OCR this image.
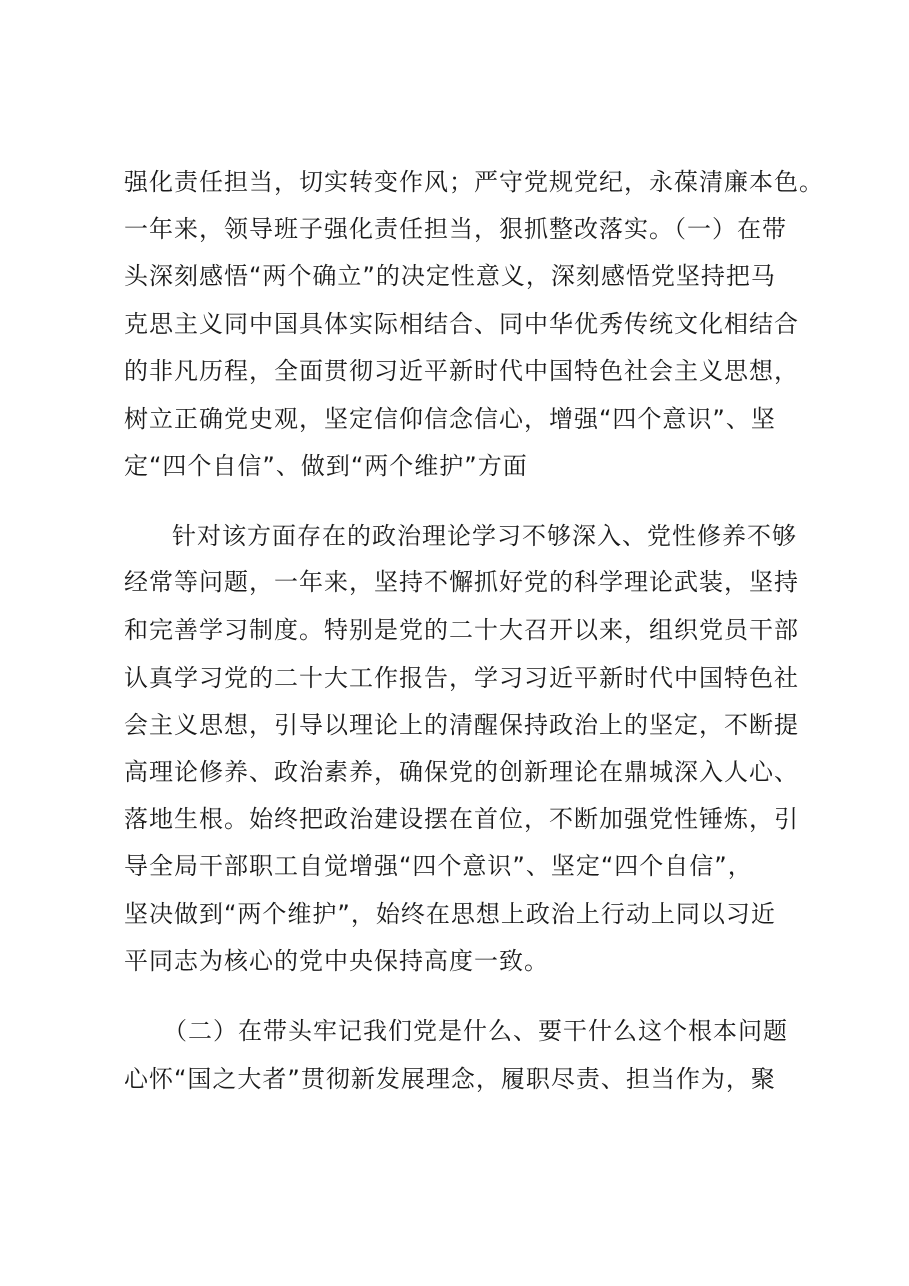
强化责任担当，切实转变作风；严守党规党纪，永葆清廉本色。
一年来，领导班子强化责任担当，狠抓整改落实。（一）在带
头深刻感悟“两个确立”的决定性意义，深刻感悟党坚持把马
克思主义同中国具体实际相结合、同中华优秀传统文化相结合
的非凡历程，全面贯彻习近平新时代中国特色社会主义思想，
树立正确党史观，坚定信仰信念信心，增强“四个意识”、坚
定“四个自信”、做到“两个维护”方面
针对该方面存在的政治理论学习不够深入、党性修养不够
经常等问题，一年来，坚持不懈抓好党的科学理论武装，坚持
和完善学习制度。特别是党的二十大召开以来，组织党员干部
认真学习党的二十大工作报告，学习习近平新时代中国特色社
会主义思想，引导以理论上的清醒保持政治上的坚定，不断提
高理论修养、政治素养，确保党的创新理论在鼎城深入人心、
落地生根。始终把政治建设摆在首位，不断加强党性锤炼，引
导全局干部职工自觉增强“四个意识”、坚定“四个自信”，
坚决做到“两个维护”，始终在思想上政治上行动上同以习近
平同志为核心的党中央保持高度一致。
（二）在带头牢记我们党是什么、要干什么这个根本问题
心怀“国之大者”贯彻新发展理念，履职尽责、担当作为，聚
